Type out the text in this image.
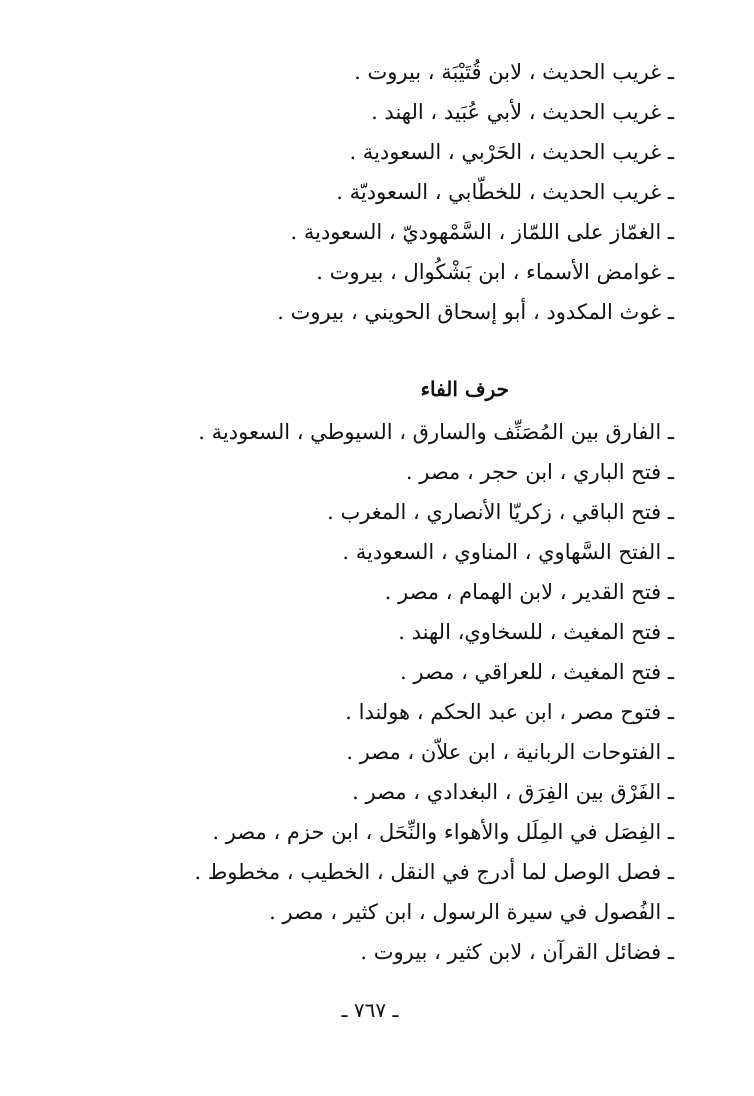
ـ غريب الحديث ، لابن قُتَيْبَة ، بيروت .
ـ غريب الحديث ، لأبي عُبَيد ، الهند .
ـ غريب الحديث ، الحَرْبي ، السعودية .
ـ غريب الحديث ، للخطّابي ، السعوديّة .
ـ الغمّاز على اللمّاز ، السَّمْهوديّ ، السعودية .
ـ غوامض الأسماء ، ابن بَشْكُوال ، بيروت .
ـ غوث المكدود ، أبو إسحاق الحويني ، بيروت .
حرف الفاء
ـ الفارق بين المُصَنِّف والسارق ، السيوطي ، السعودية .
ـ فتح الباري ، ابن حجر ، مصر .
ـ فتح الباقي ، زكريّا الأنصاري ، المغرب .
ـ الفتح السَّهاوي ، المناوي ، السعودية .
ـ فتح القدير ، لابن الهمام ، مصر .
ـ فتح المغيث ، للسخاوي، الهند .
ـ فتح المغيث ، للعراقي ، مصر .
ـ فتوح مصر ، ابن عبد الحكم ، هولندا .
ـ الفتوحات الربانية ، ابن علاّن ، مصر .
ـ الفَرْق بين الفِرَق ، البغدادي ، مصر .
ـ الفِصَل في المِلَل والأهواء والنِّحَل ، ابن حزم ، مصر .
ـ فصل الوصل لما أدرج في النقل ، الخطيب ، مخطوط .
ـ الفُصول في سيرة الرسول ، ابن كثير ، مصر .
ـ فضائل القرآن ، لابن كثير ، بيروت .
ـ ٧٦٧ ـ
